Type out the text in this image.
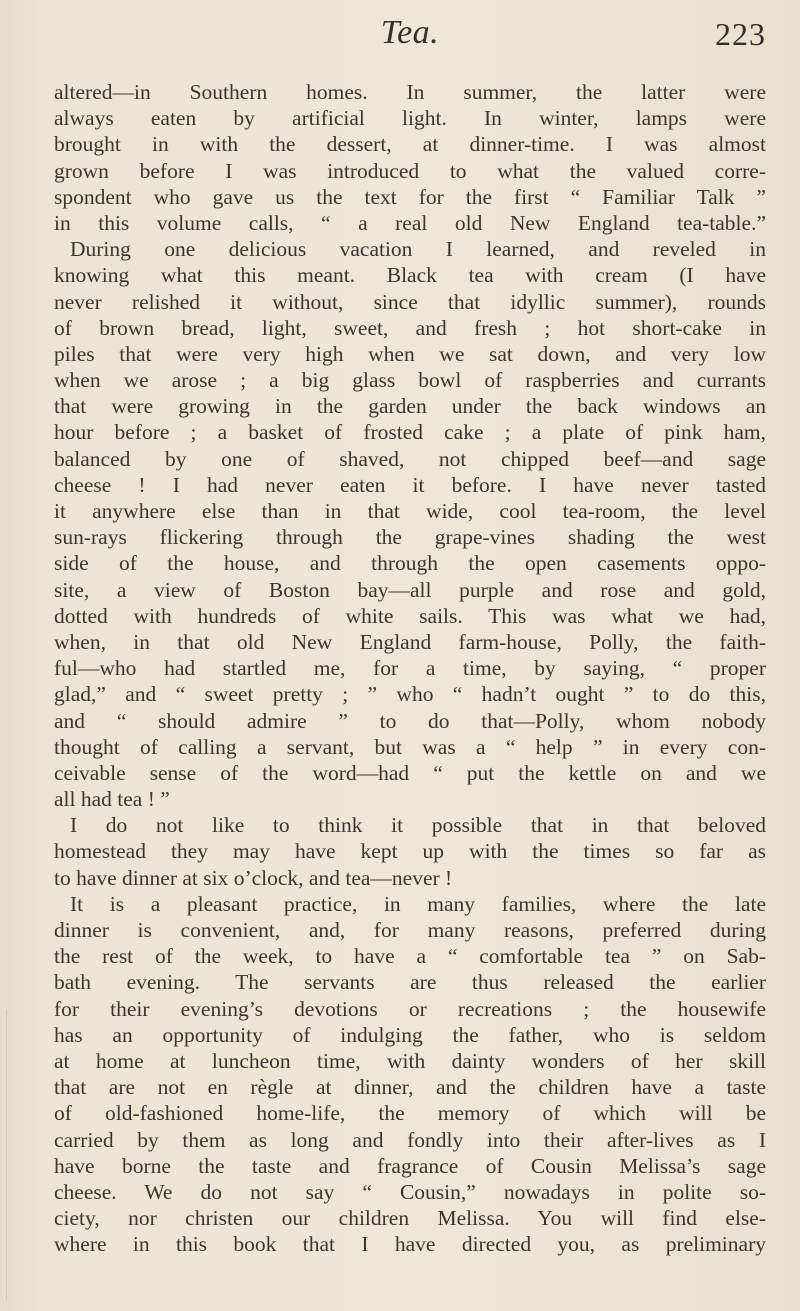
Tea.	223
altered—in Southern homes. In summer, the latter were
always eaten by artificial light. In winter, lamps were
brought in with the dessert, at dinner-time. I was almost
grown before I was introduced to what the valued corre-
spondent who gave us the text for the first “ Familiar Talk ”
in this volume calls, “ a real old New England tea-table.”
During one delicious vacation I learned, and reveled in
knowing what this meant. Black tea with cream (I have
never relished it without, since that idyllic summer), rounds
of brown bread, light, sweet, and fresh ; hot short-cake in
piles that were very high when we sat down, and very low
when we arose ; a big glass bowl of raspberries and currants
that were growing in the garden under the back windows an
hour before ; a basket of frosted cake ; a plate of pink ham,
balanced by one of shaved, not chipped beef—and sage
cheese ! I had never eaten it before. I have never tasted
it anywhere else than in that wide, cool tea-room, the level
sun-rays flickering through the grape-vines shading the west
side of the house, and through the open casements oppo-
site, a view of Boston bay—all purple and rose and gold,
dotted with hundreds of white sails. This was what we had,
when, in that old New England farm-house, Polly, the faith-
ful—who had startled me, for a time, by saying, “ proper
glad,” and “ sweet pretty ; ” who “ hadn’t ought ” to do this,
and “ should admire ” to do that—Polly, whom nobody
thought of calling a servant, but was a “ help ” in every con-
ceivable sense of the word—had “ put the kettle on and we
all had tea ! ”
I do not like to think it possible that in that beloved
homestead they may have kept up with the times so far as
to have dinner at six o’clock, and tea—never !
It is a pleasant practice, in many families, where the late
dinner is convenient, and, for many reasons, preferred during
the rest of the week, to have a “ comfortable tea ” on Sab-
bath evening. The servants are thus released the earlier
for their evening’s devotions or recreations ; the housewife
has an opportunity of indulging the father, who is seldom
at home at luncheon time, with dainty wonders of her skill
that are not en règle at dinner, and the children have a taste
of old-fashioned home-life, the memory of which will be
carried by them as long and fondly into their after-lives as I
have borne the taste and fragrance of Cousin Melissa’s sage
cheese. We do not say “ Cousin,” nowadays in polite so-
ciety, nor christen our children Melissa. You will find else-
where in this book that I have directed you, as preliminary
